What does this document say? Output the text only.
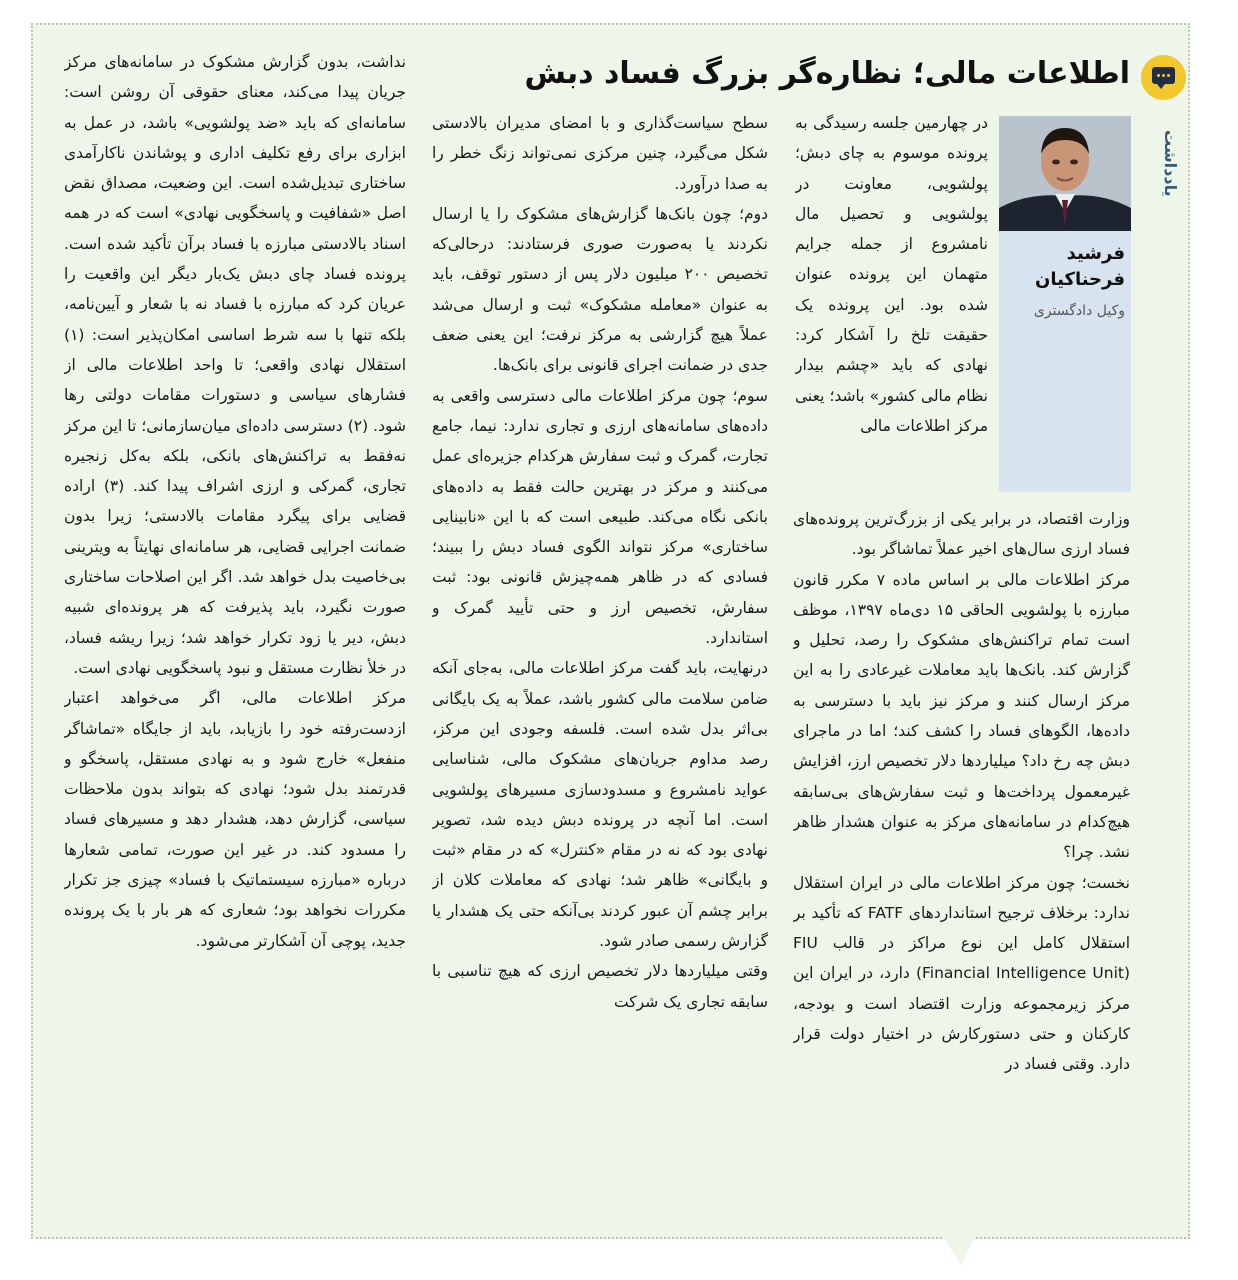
یادداشت
اطلاعات مالی؛ نظاره‌گر بزرگ فساد دبش
فرشید فرحناکیان
وکیل دادگستری

در چهارمین جلسه رسیدگی به پرونده موسوم به چای دبش؛ پولشویی، معاونت در پولشویی و تحصیل مال نامشروع از جمله جرایم متهمان این پرونده عنوان شده بود. این پرونده یک حقیقت تلخ را آشکار کرد: نهادی که باید «چشم بیدار نظام مالی کشور» باشد؛ یعنی مرکز اطلاعات مالی

وزارت اقتصاد، در برابر یکی از بزرگ‌ترین پرونده‌های فساد ارزی سال‌های اخیر عملاً تماشاگر بود.

مرکز اطلاعات مالی بر اساس ماده ۷ مکرر قانون مبارزه با پولشویی الحاقی ۱۵ دی‌ماه ۱۳۹۷، موظف است تمام تراکنش‌های مشکوک را رصد، تحلیل و گزارش کند. بانک‌ها باید معاملات غیرعادی را به این مرکز ارسال کنند و مرکز نیز باید با دسترسی به داده‌ها، الگوهای فساد را کشف کند؛ اما در ماجرای دبش چه رخ داد؟ میلیاردها دلار تخصیص ارز، افزایش غیرمعمول پرداخت‌ها و ثبت سفارش‌های بی‌سابقه هیچ‌کدام در سامانه‌های مرکز به عنوان هشدار ظاهر نشد. چرا؟

نخست؛ چون مرکز اطلاعات مالی در ایران استقلال ندارد: برخلاف ترجیح استانداردهای FATF که تأکید بر استقلال کامل این نوع مراکز در قالب FIU (Financial Intelligence Unit) دارد، در ایران این مرکز زیرمجموعه وزارت اقتصاد است و بودجه، کارکنان و حتی دستورکارش در اختیار دولت قرار دارد. وقتی فساد در

سطح سیاست‌گذاری و با امضای مدیران بالادستی شکل می‌گیرد، چنین مرکزی نمی‌تواند زنگ خطر را به صدا درآورد.

دوم؛ چون بانک‌ها گزارش‌های مشکوک را یا ارسال نکردند یا به‌صورت صوری فرستادند: درحالی‌که تخصیص ۲۰۰ میلیون دلار پس از دستور توقف، باید به عنوان «معامله مشکوک» ثبت و ارسال می‌شد عملاً هیچ گزارشی به مرکز نرفت؛ این یعنی ضعف جدی در ضمانت اجرای قانونی برای بانک‌ها.

سوم؛ چون مرکز اطلاعات مالی دسترسی واقعی به داده‌های سامانه‌های ارزی و تجاری ندارد: نیما، جامع تجارت، گمرک و ثبت سفارش هرکدام جزیره‌ای عمل می‌کنند و مرکز در بهترین حالت فقط به داده‌های بانکی نگاه می‌کند. طبیعی است که با این «نابینایی ساختاری» مرکز نتواند الگوی فساد دبش را ببیند؛ فسادی که در ظاهر همه‌چیزش قانونی بود: ثبت سفارش، تخصیص ارز و حتی تأیید گمرک و استاندارد.

درنهایت، باید گفت مرکز اطلاعات مالی، به‌جای آنکه ضامن سلامت مالی کشور باشد، عملاً به یک بایگانی بی‌اثر بدل شده است. فلسفه وجودی این مرکز، رصد مداوم جریان‌های مشکوک مالی، شناسایی عواید نامشروع و مسدودسازی مسیرهای پولشویی است. اما آنچه در پرونده دبش دیده شد، تصویر نهادی بود که نه در مقام «کنترل» که در مقام «ثبت و بایگانی» ظاهر شد؛ نهادی که معاملات کلان از برابر چشم آن عبور کردند بی‌آنکه حتی یک هشدار یا گزارش رسمی صادر شود.

وقتی میلیاردها دلار تخصیص ارزی که هیچ تناسبی با سابقه تجاری یک شرکت

نداشت، بدون گزارش مشکوک در سامانه‌های مرکز جریان پیدا می‌کند، معنای حقوقی آن روشن است: سامانه‌ای که باید «ضد پولشویی» باشد، در عمل به ابزاری برای رفع تکلیف اداری و پوشاندن ناکارآمدی ساختاری تبدیل‌شده است. این وضعیت، مصداق نقض اصل «شفافیت و پاسخگویی نهادی» است که در همه اسناد بالادستی مبارزه با فساد برآن تأکید شده است. پرونده فساد چای دبش یک‌بار دیگر این واقعیت را عریان کرد که مبارزه با فساد نه با شعار و آیین‌نامه، بلکه تنها با سه شرط اساسی امکان‌پذیر است: (۱) استقلال نهادی واقعی؛ تا واحد اطلاعات مالی از فشارهای سیاسی و دستورات مقامات دولتی رها شود. (۲) دسترسی داده‌ای میان‌سازمانی؛ تا این مرکز نه‌فقط به تراکنش‌های بانکی، بلکه به‌کل زنجیره تجاری، گمرکی و ارزی اشراف پیدا کند. (۳) اراده قضایی برای پیگرد مقامات بالادستی؛ زیرا بدون ضمانت اجرایی قضایی، هر سامانه‌ای نهایتاً به ویترینی بی‌خاصیت بدل خواهد شد. اگر این اصلاحات ساختاری صورت نگیرد، باید پذیرفت که هر پرونده‌ای شبیه دبش، دیر یا زود تکرار خواهد شد؛ زیرا ریشه فساد، در خلأ نظارت مستقل و نبود پاسخگویی نهادی است.

مرکز اطلاعات مالی، اگر می‌خواهد اعتبار ازدست‌رفته خود را بازیابد، باید از جایگاه «تماشاگر منفعل» خارج شود و به نهادی مستقل، پاسخگو و قدرتمند بدل شود؛ نهادی که بتواند بدون ملاحظات سیاسی، گزارش دهد، هشدار دهد و مسیرهای فساد را مسدود کند. در غیر این صورت، تمامی شعارها درباره «مبارزه سیستماتیک با فساد» چیزی جز تکرار مکررات نخواهد بود؛ شعاری که هر بار با یک پرونده جدید، پوچی آن آشکارتر می‌شود.
